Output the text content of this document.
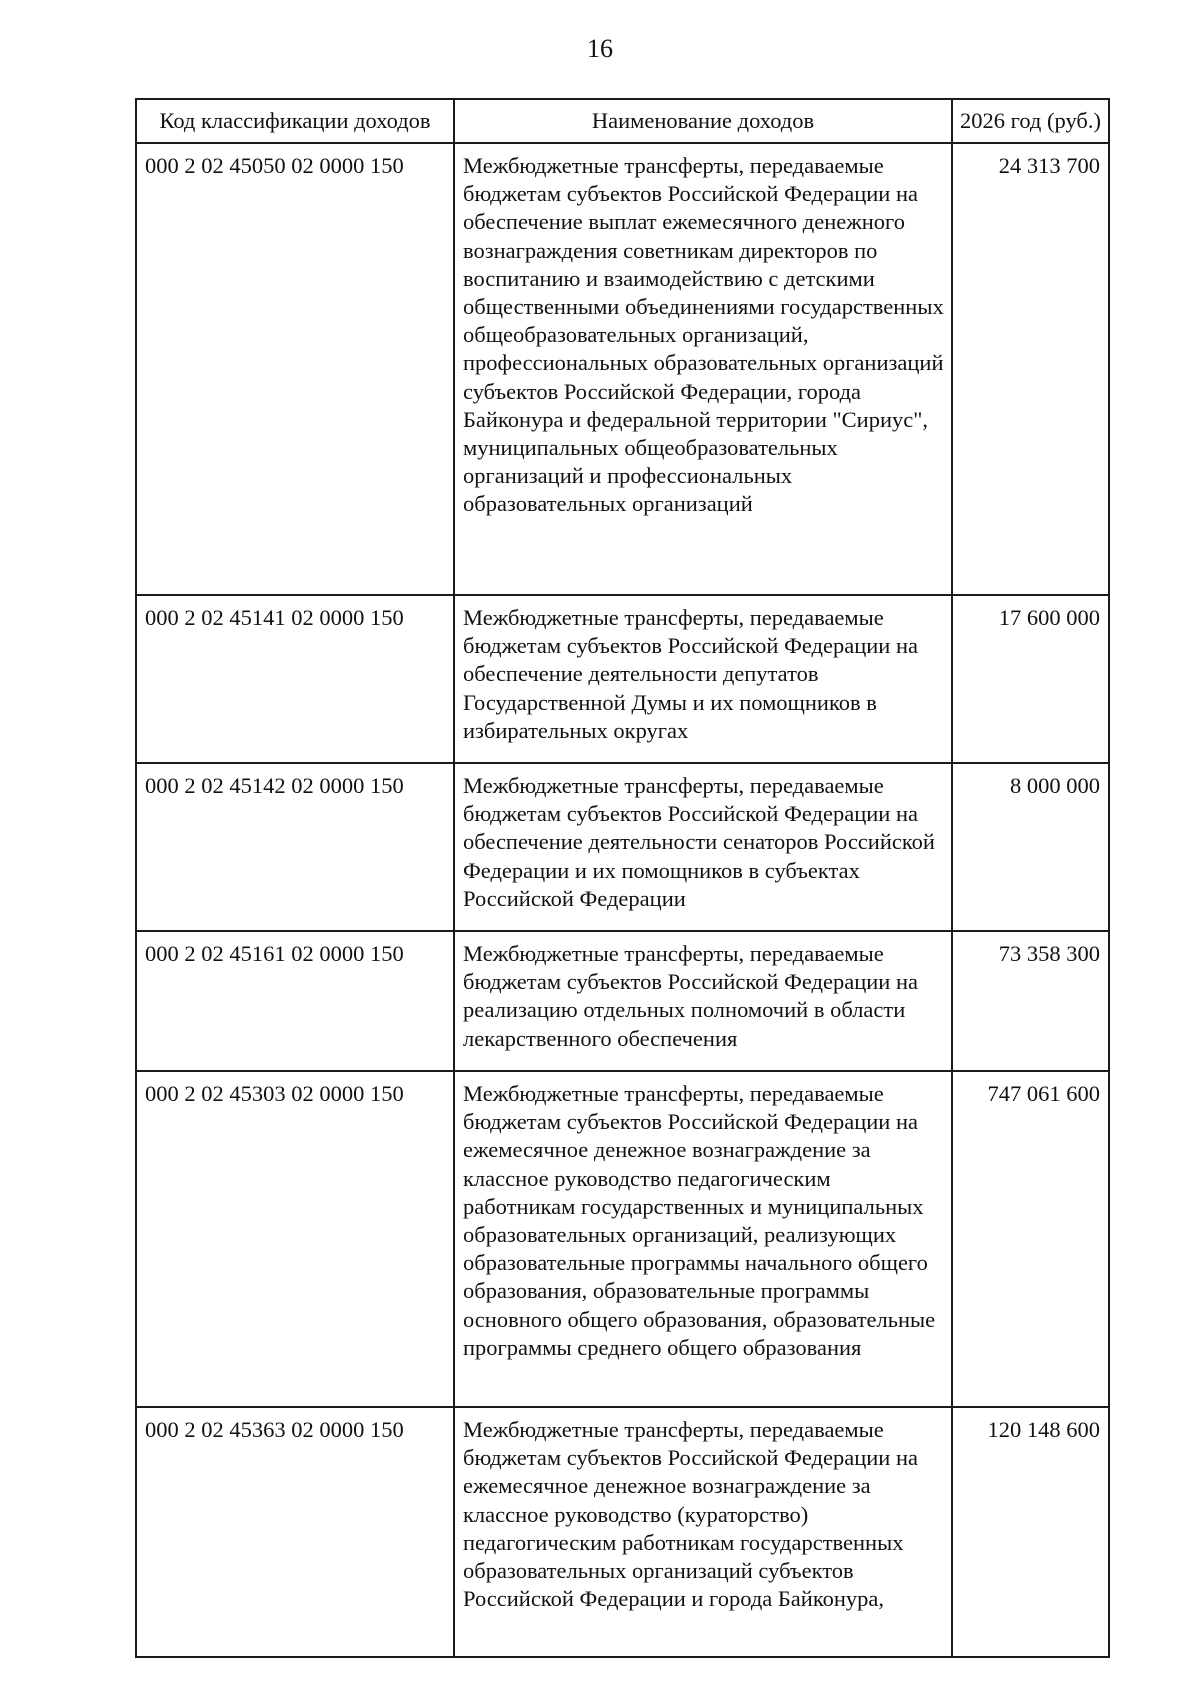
16
Код классификации доходов	Наименование доходов	2026 год (руб.)
000 2 02 45050 02 0000 150	Межбюджетные трансферты, передаваемые бюджетам субъектов Российской Федерации на обеспечение выплат ежемесячного денежного вознаграждения советникам директоров по воспитанию и взаимодействию с детскими общественными объединениями государственных общеобразовательных организаций, профессиональных образовательных организаций субъектов Российской Федерации, города Байконура и федеральной территории "Сириус", муниципальных общеобразовательных организаций и профессиональных образовательных организаций	24 313 700
000 2 02 45141 02 0000 150	Межбюджетные трансферты, передаваемые бюджетам субъектов Российской Федерации на обеспечение деятельности депутатов Государственной Думы и их помощников в избирательных округах	17 600 000
000 2 02 45142 02 0000 150	Межбюджетные трансферты, передаваемые бюджетам субъектов Российской Федерации на обеспечение деятельности сенаторов Российской Федерации и их помощников в субъектах Российской Федерации	8 000 000
000 2 02 45161 02 0000 150	Межбюджетные трансферты, передаваемые бюджетам субъектов Российской Федерации на реализацию отдельных полномочий в области лекарственного обеспечения	73 358 300
000 2 02 45303 02 0000 150	Межбюджетные трансферты, передаваемые бюджетам субъектов Российской Федерации на ежемесячное денежное вознаграждение за классное руководство педагогическим работникам государственных и муниципальных образовательных организаций, реализующих образовательные программы начального общего образования, образовательные программы основного общего образования, образовательные программы среднего общего образования	747 061 600
000 2 02 45363 02 0000 150	Межбюджетные трансферты, передаваемые бюджетам субъектов Российской Федерации на ежемесячное денежное вознаграждение за классное руководство (кураторство) педагогическим работникам государственных образовательных организаций субъектов Российской Федерации и города Байконура,	120 148 600
